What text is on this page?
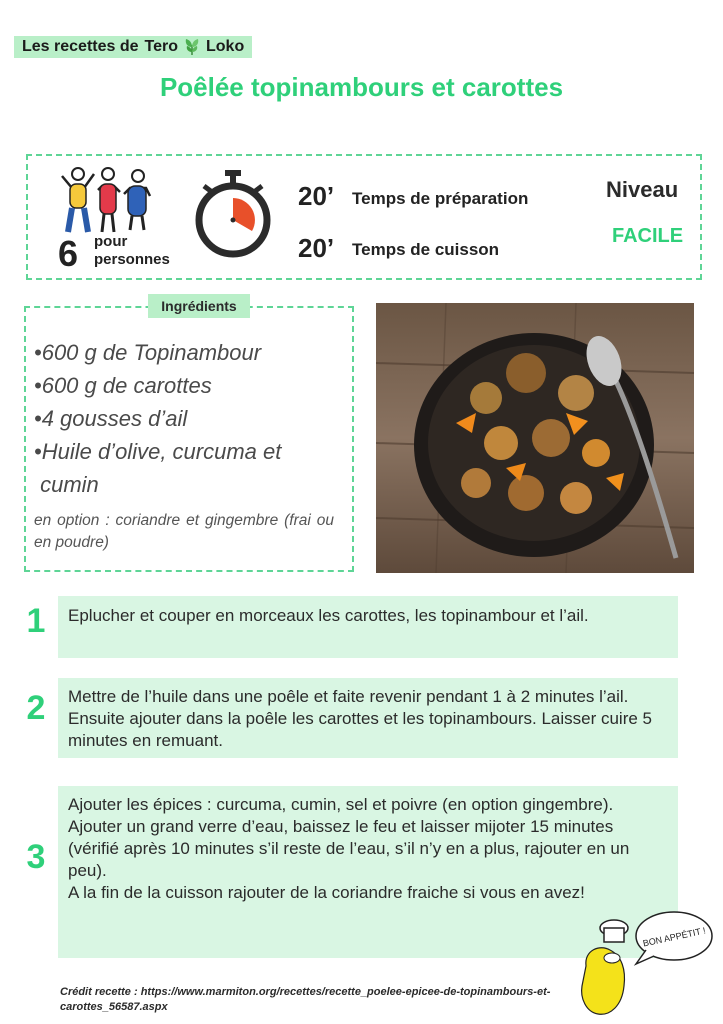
Les recettes de Tero Loko
Poêlée topinambours et carottes
6 pour
personnes
20’ Temps de préparation
20’ Temps de cuisson
Niveau
FACILE
Ingrédients
•600 g de Topinambour
•600 g de carottes
•4 gousses d’ail
•Huile d’olive, curcuma et
cumin
en option : coriandre et gingembre (frai ou en poudre)
1	Eplucher et couper en morceaux les carottes, les topinambour et l’ail.
2	Mettre de l’huile dans une poêle et faite revenir pendant 1 à 2 minutes l’ail. Ensuite ajouter dans la poêle les carottes et les topinambours. Laisser cuire 5 minutes en remuant.
3
Ajouter les épices : curcuma, cumin, sel et poivre (en option gingembre).
Ajouter un grand verre d’eau, baissez le feu et laisser mijoter 15 minutes (vérifié après 10 minutes s’il reste de l’eau, s’il n’y en a plus, rajouter en un peu).
A la fin de la cuisson rajouter de la coriandre fraiche si vous en avez!
Crédit recette : https://www.marmiton.org/recettes/recette_poelee-epicee-de-topinambours-et-carottes_56587.aspx
BON APPÉTIT !
